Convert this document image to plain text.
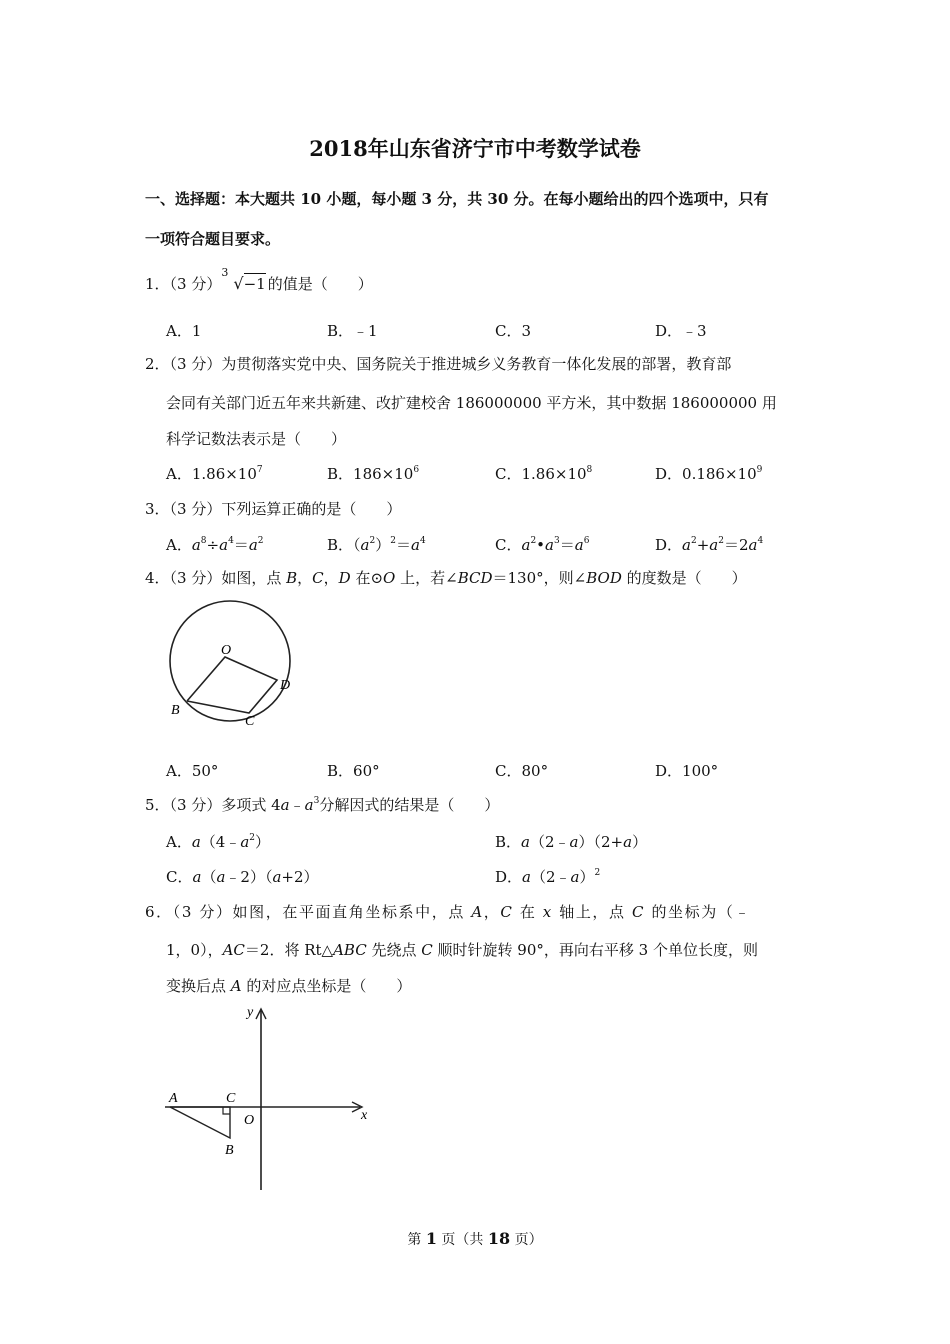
2018年山东省济宁市中考数学试卷
一、选择题：本大题共 10 小题，每小题 3 分，共 30 分。在每小题给出的四个选项中，只有
一项符合题目要求。
1．（3 分）
3
√−1 的值是（　　）
A．1	B．﹣1	C．3	D．﹣3
2．（3 分）为贯彻落实党中央、国务院关于推进城乡义务教育一体化发展的部署，教育部
会同有关部门近五年来共新建、改扩建校舍 186000000 平方米，其中数据 186000000 用
科学记数法表示是（　　）
A．$1.86\times 10^7$	B．$186\times 10^6$	C．$1.86\times 10^8$	D．$0.186\times 10^9$
3．（3 分）下列运算正确的是（　　）
A．$a^8\div a^4=a^2$	B．$(a^2)^2=a^4$	C．$a^2•a^3=a^6$	D．$a^2+a^2=2a^4$
4．（3 分）如图，点 B，C，D 在⊙O 上，若∠BCD＝130°，则∠BOD 的度数是（　　）
O
B
C
D
A．50°	B．60°	C．80°	D．100°
5．（3 分）多项式 $4a﹣a^3$分解因式的结果是（　　）
A．$a(4﹣a^2)$	B．a（2﹣a）（2+a）
C．a（a﹣2）（a+2）	D．a（2﹣a）$^2$
6．（3 分）如图，在平面直角坐标系中，点 A，C 在 x 轴上，点 C 的坐标为（﹣
1，0），AC＝2．将 Rt△ABC 先绕点 C 顺时针旋转 90°，再向右平移 3 个单位长度，则
变换后点 A 的对应点坐标是（　　）
y
x
A	C
O
B
第 1 页（共 18 页）
